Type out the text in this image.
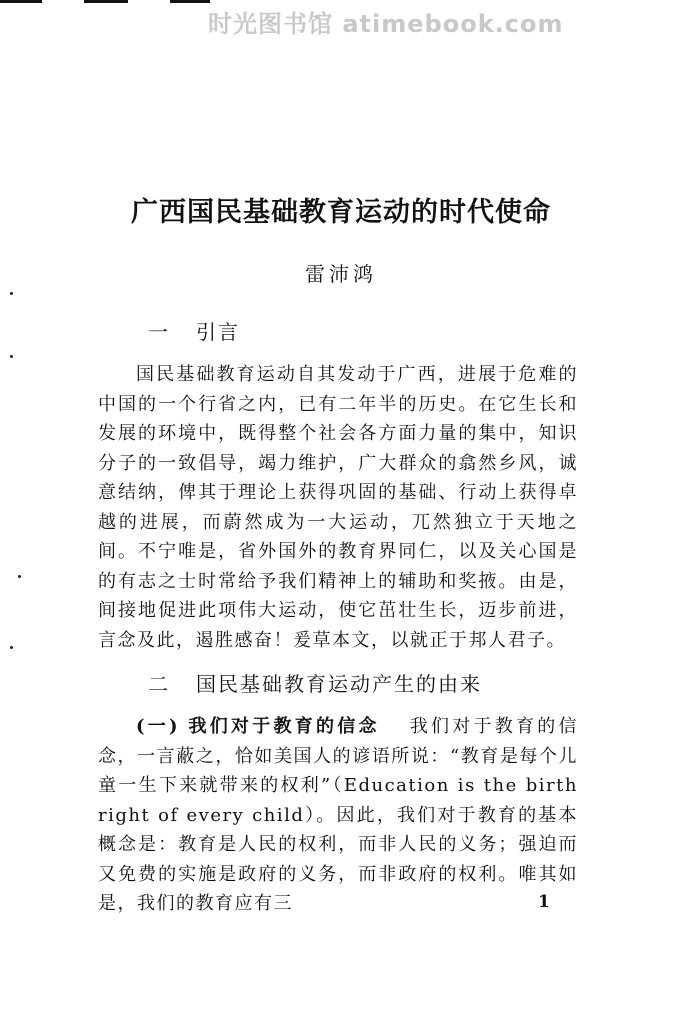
时光图书馆 atimebook.com
广西国民基础教育运动的时代使命
雷沛鸿
一 引言
国民基础教育运动自其发动于广西，进展于危难的中国的一个行省之内，已有二年半的历史。在它生长和发展的环境中，既得整个社会各方面力量的集中，知识分子的一致倡导，竭力维护，广大群众的翕然乡风，诚意结纳，俾其于理论上获得巩固的基础、行动上获得卓越的进展，而蔚然成为一大运动，兀然独立于天地之间。不宁唯是，省外国外的教育界同仁，以及关心国是的有志之士时常给予我们精神上的辅助和奖掖。由是，间接地促进此项伟大运动，使它茁壮生长，迈步前进，言念及此，遏胜感奋！爰草本文，以就正于邦人君子。
二 国民基础教育运动产生的由来
(一) 我们对于教育的信念 我们对于教育的信念，一言蔽之，恰如美国人的谚语所说：“教育是每个儿童一生下来就带来的权利”（Education is the birth right of every child）。因此，我们对于教育的基本概念是：教育是人民的权利，而非人民的义务；强迫而又免费的实施是政府的义务，而非政府的权利。唯其如是，我们的教育应有三	1
